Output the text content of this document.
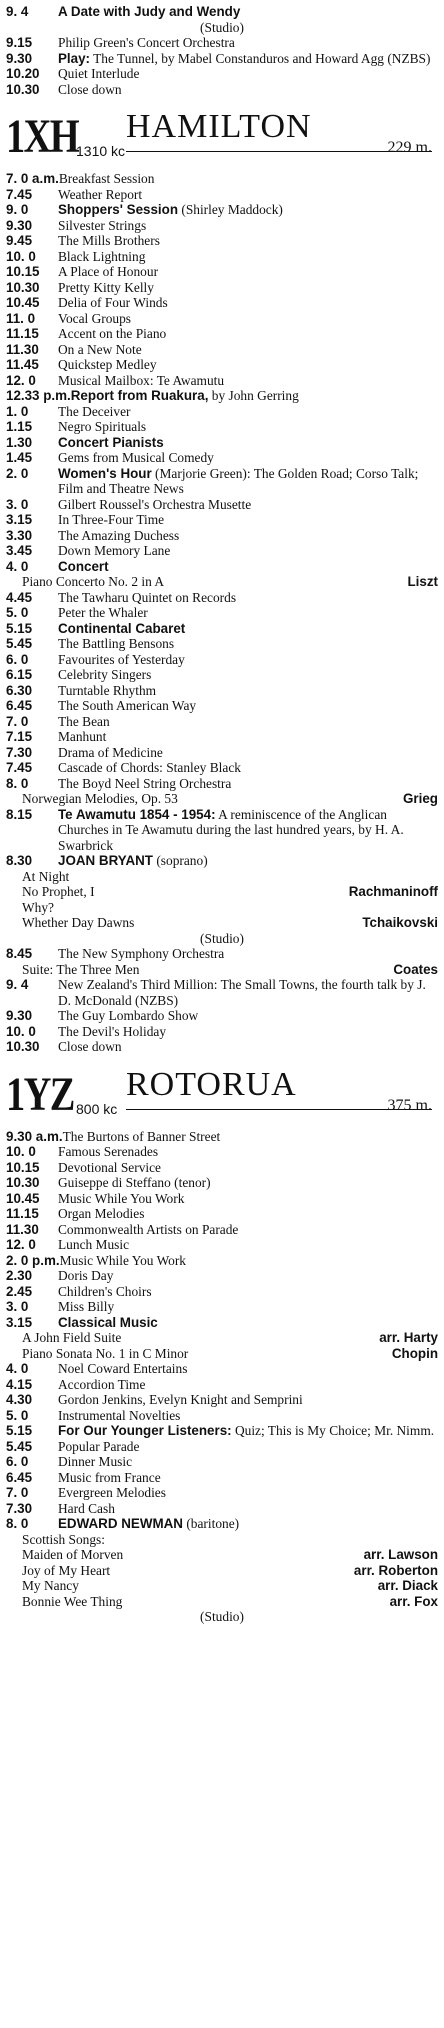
9. 4	A Date with Judy and Wendy
(Studio)
9.15	Philip Green's Concert Orchestra
9.30	Play: The Tunnel, by Mabel Constanduros and Howard Agg (NZBS)
10.20	Quiet Interlude
10.30	Close down
1XH
1310 kc
HAMILTON
229 m.
7. 0 a.m. Breakfast Session
7.45	Weather Report
9. 0	Shoppers' Session (Shirley Maddock)
9.30	Silvester Strings
9.45	The Mills Brothers
10. 0	Black Lightning
10.15	A Place of Honour
10.30	Pretty Kitty Kelly
10.45	Delia of Four Winds
11. 0	Vocal Groups
11.15	Accent on the Piano
11.30	On a New Note
11.45	Quickstep Medley
12. 0	Musical Mailbox: Te Awamutu
12.33 p.m. Report from Ruakura, by John Gerring
1. 0	The Deceiver
1.15	Negro Spirituals
1.30	Concert Pianists
1.45	Gems from Musical Comedy
2. 0	Women's Hour (Marjorie Green): The Golden Road; Corso Talk; Film and Theatre News
3. 0	Gilbert Roussel's Orchestra Musette
3.15	In Three-Four Time
3.30	The Amazing Duchess
3.45	Down Memory Lane
4. 0	Concert
Piano Concerto No. 2 in A	Liszt
4.45	The Tawharu Quintet on Records
5. 0	Peter the Whaler
5.15	Continental Cabaret
5.45	The Battling Bensons
6. 0	Favourites of Yesterday
6.15	Celebrity Singers
6.30	Turntable Rhythm
6.45	The South American Way
7. 0	The Bean
7.15	Manhunt
7.30	Drama of Medicine
7.45	Cascade of Chords: Stanley Black
8. 0	The Boyd Neel String Orchestra
Norwegian Melodies, Op. 53	Grieg
8.15	Te Awamutu 1854 - 1954: A reminiscence of the Anglican Churches in Te Awamutu during the last hundred years, by H. A. Swarbrick
8.30	JOAN BRYANT (soprano)
At Night
No Prophet, I	Rachmaninoff
Why?
Whether Day Dawns	Tchaikovski
(Studio)
8.45	The New Symphony Orchestra
Suite: The Three Men	Coates
9. 4	New Zealand's Third Million: The Small Towns, the fourth talk by J. D. McDonald (NZBS)
9.30	The Guy Lombardo Show
10. 0	The Devil's Holiday
10.30	Close down
1YZ 800 kc
ROTORUA
375 m.
9.30 a.m. The Burtons of Banner Street
10. 0	Famous Serenades
10.15	Devotional Service
10.30	Guiseppe di Steffano (tenor)
10.45	Music While You Work
11.15	Organ Melodies
11.30	Commonwealth Artists on Parade
12. 0	Lunch Music
2. 0 p.m. Music While You Work
2.30	Doris Day
2.45	Children's Choirs
3. 0	Miss Billy
3.15	Classical Music
A John Field Suite	arr. Harty
Piano Sonata No. 1 in C Minor	Chopin
4. 0	Noel Coward Entertains
4.15	Accordion Time
4.30	Gordon Jenkins, Evelyn Knight and Semprini
5. 0	Instrumental Novelties
5.15	For Our Younger Listeners: Quiz; This is My Choice; Mr. Nimm.
5.45	Popular Parade
6. 0	Dinner Music
6.45	Music from France
7. 0	Evergreen Melodies
7.30	Hard Cash
8. 0	EDWARD NEWMAN (baritone)
Scottish Songs:
Maiden of Morven	arr. Lawson
Joy of My Heart	arr. Roberton
My Nancy	arr. Diack
Bonnie Wee Thing	arr. Fox
(Studio)
